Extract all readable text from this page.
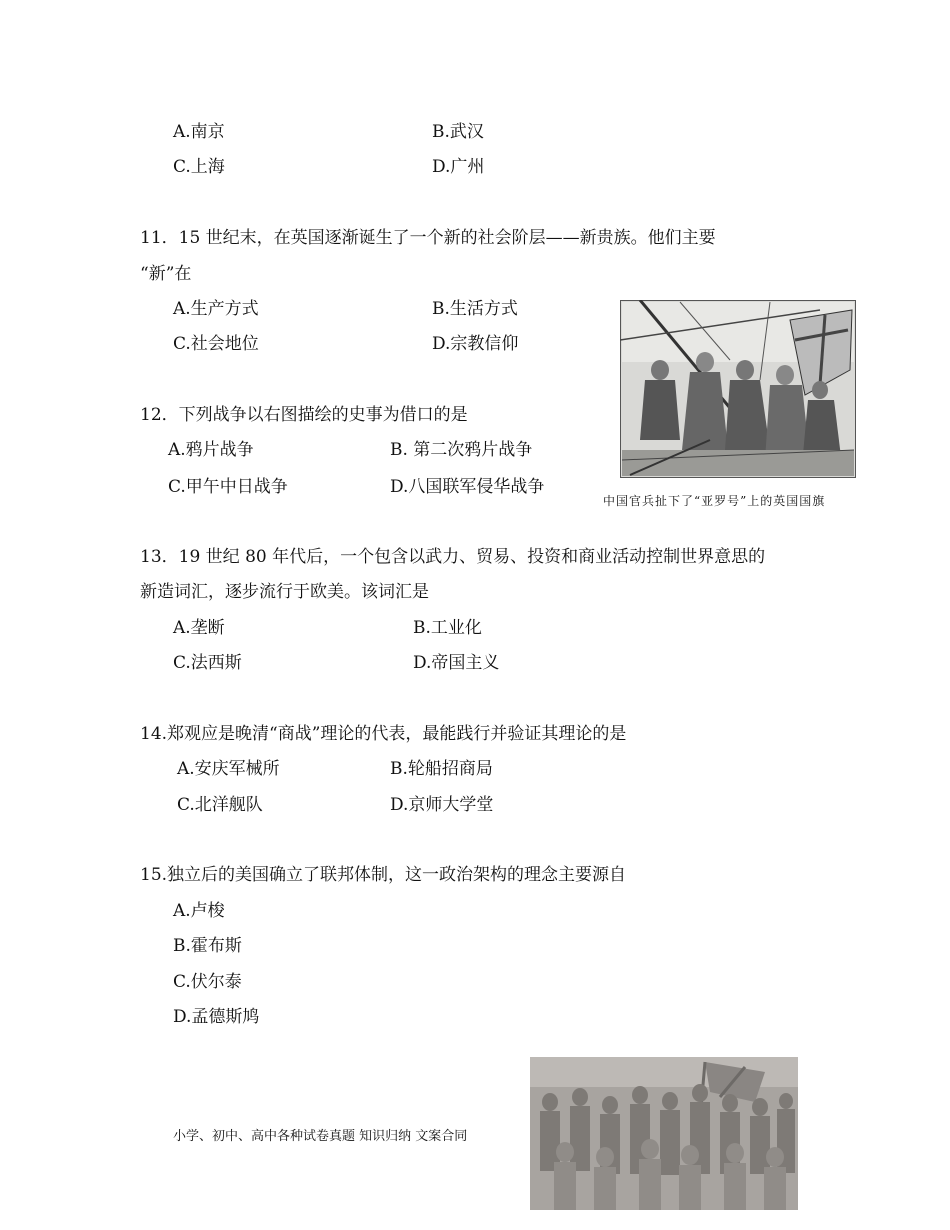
A.南京	B.武汉
C.上海	D.广州
11．15 世纪末，在英国逐渐诞生了一个新的社会阶层——新贵族。他们主要
“新”在
A.生产方式	B.生活方式
C.社会地位	D.宗教信仰
中国官兵扯下了“亚罗号”上的英国国旗
12．下列战争以右图描绘的史事为借口的是
A.鸦片战争	B. 第二次鸦片战争
C.甲午中日战争	D.八国联军侵华战争
13．19 世纪 80 年代后，一个包含以武力、贸易、投资和商业活动控制世界意思的
新造词汇，逐步流行于欧美。该词汇是
A.垄断	B.工业化
C.法西斯	D.帝国主义
14.郑观应是晚清“商战”理论的代表，最能践行并验证其理论的是
A.安庆军械所	B.轮船招商局
C.北洋舰队	D.京师大学堂
15.独立后的美国确立了联邦体制，这一政治架构的理念主要源自
A.卢梭
B.霍布斯
C.伏尔泰
D.孟德斯鸠
小学、初中、高中各种试卷真题 知识归纳 文案合同
